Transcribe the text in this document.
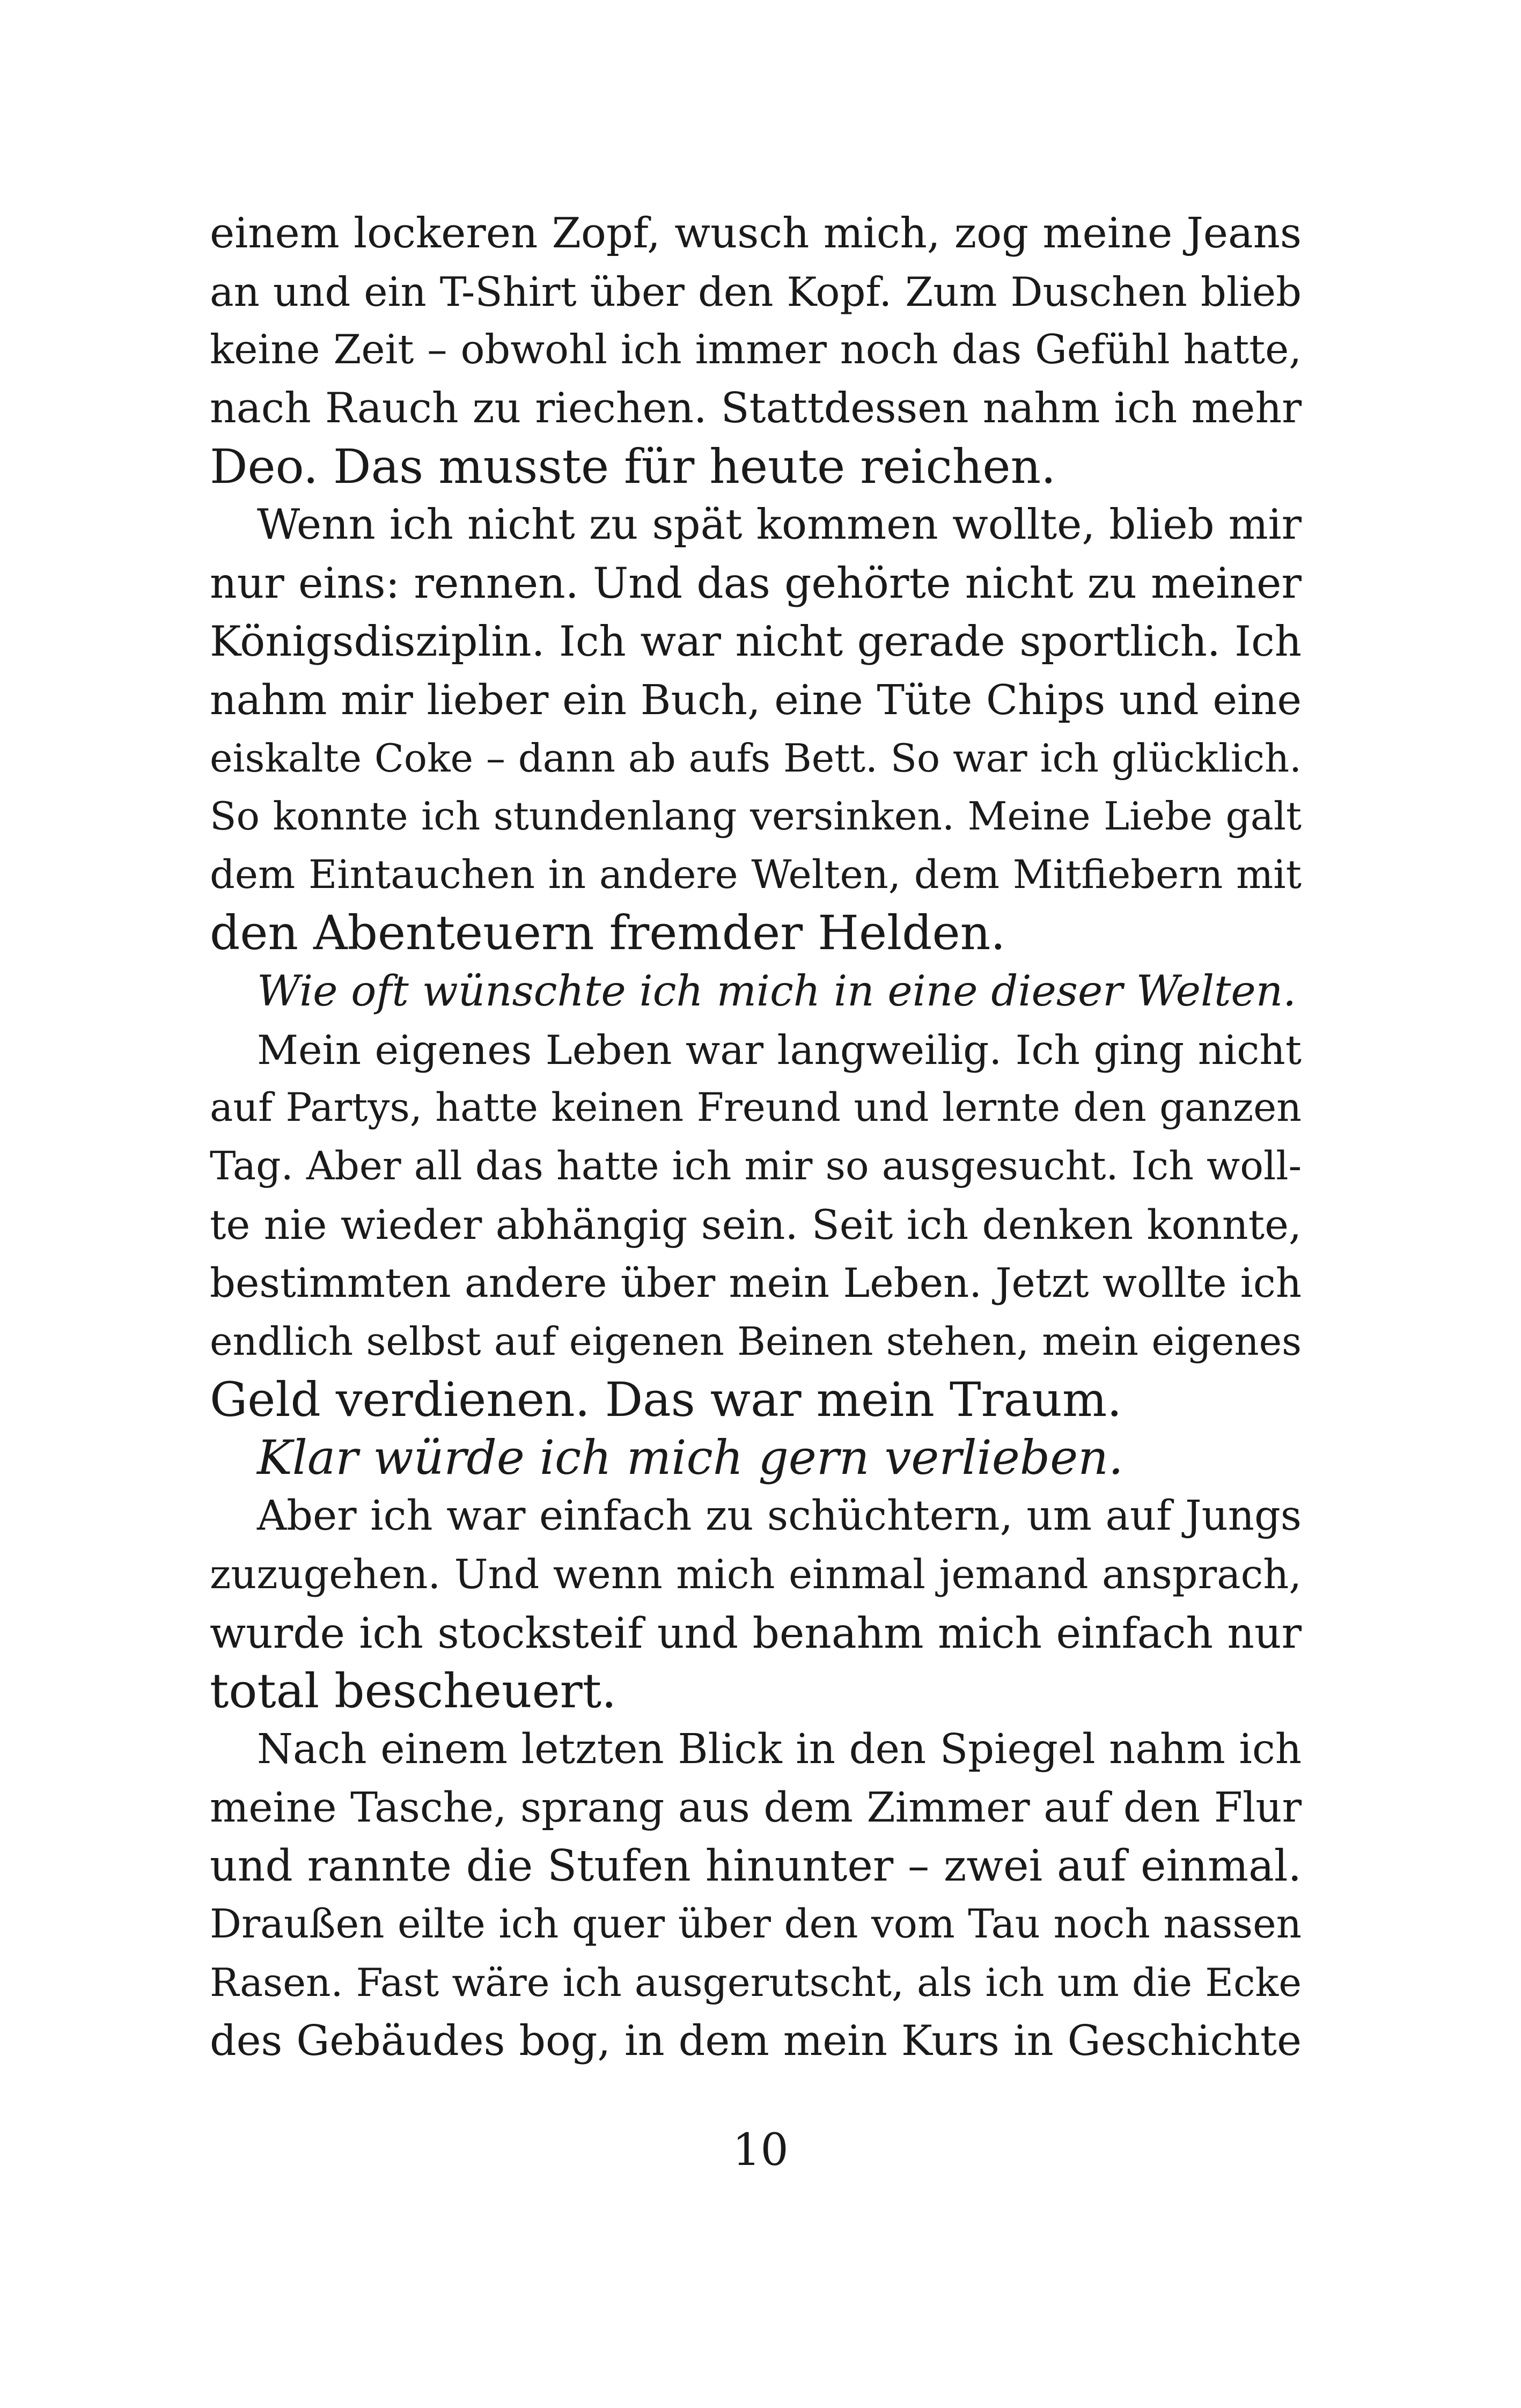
einem lockeren Zopf, wusch mich, zog meine Jeans
an und ein T-Shirt über den Kopf. Zum Duschen blieb
keine Zeit – obwohl ich immer noch das Gefühl hatte,
nach Rauch zu riechen. Stattdessen nahm ich mehr
Deo. Das musste für heute reichen.
Wenn ich nicht zu spät kommen wollte, blieb mir
nur eins: rennen. Und das gehörte nicht zu meiner
Königsdisziplin. Ich war nicht gerade sportlich. Ich
nahm mir lieber ein Buch, eine Tüte Chips und eine
eiskalte Coke – dann ab aufs Bett. So war ich glücklich.
So konnte ich stundenlang versinken. Meine Liebe galt
dem Eintauchen in andere Welten, dem Mitfiebern mit
den Abenteuern fremder Helden.
Wie oft wünschte ich mich in eine dieser Welten.
Mein eigenes Leben war langweilig. Ich ging nicht
auf Partys, hatte keinen Freund und lernte den ganzen
Tag. Aber all das hatte ich mir so ausgesucht. Ich woll-
te nie wieder abhängig sein. Seit ich denken konnte,
bestimmten andere über mein Leben. Jetzt wollte ich
endlich selbst auf eigenen Beinen stehen, mein eigenes
Geld verdienen. Das war mein Traum.
Klar würde ich mich gern verlieben.
Aber ich war einfach zu schüchtern, um auf Jungs
zuzugehen. Und wenn mich einmal jemand ansprach,
wurde ich stocksteif und benahm mich einfach nur
total bescheuert.
Nach einem letzten Blick in den Spiegel nahm ich
meine Tasche, sprang aus dem Zimmer auf den Flur
und rannte die Stufen hinunter – zwei auf einmal.
Draußen eilte ich quer über den vom Tau noch nassen
Rasen. Fast wäre ich ausgerutscht, als ich um die Ecke
des Gebäudes bog, in dem mein Kurs in Geschichte
10
